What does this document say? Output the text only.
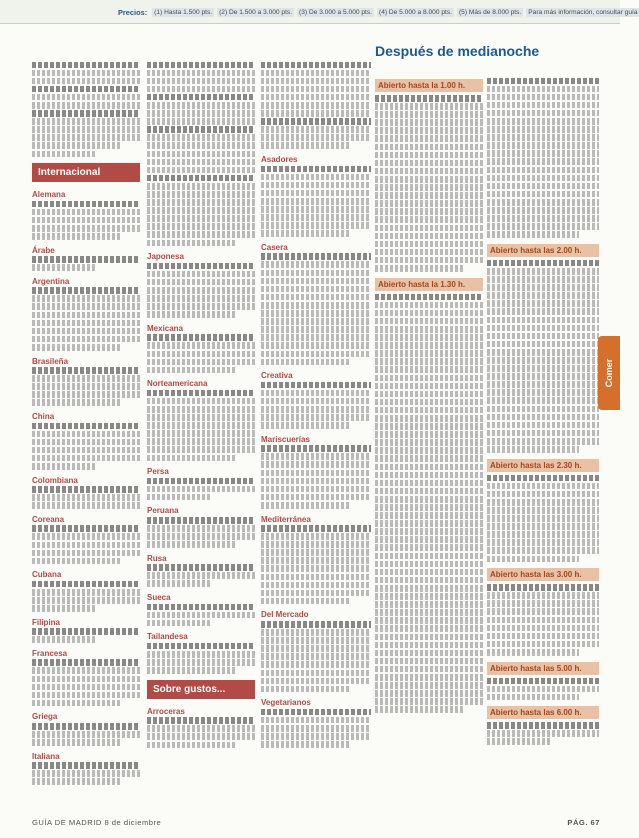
Precios:	(1) Hasta 1.500 pts.	(2) De 1.500 a 3.000 pts.	(3) De 3.000 a 5.000 pts.	(4) De 5.000 a 8.000 pts.	(5) Más de 8.000 pts.	Para más información, consultar guía
Internacional
Alemana
Árabe
Argentina
Brasileña
China
Colombiana
Coreana
Cubana
Filipina
Francesa
Griega
Italiana
Japonesa
Mexicana
Norteamericana
Persa
Peruana
Rusa
Sueca
Tailandesa
Sobre gustos...
Arroceras
Asadores
Casera
Creativa
Mariscuerías
Mediterránea
Del Mercado
Vegetarianos
Después de medianoche
Abierto hasta la 1.00 h.
Abierto hasta la 1.30 h.
Abierto hasta las 2.00 h.
Abierto hasta las 2.30 h.
Abierto hasta las 3.00 h.
Abierto hasta las 5.00 h.
Abierto hasta las 6.00 h.
Comer
GUÍA DE MADRID 8 de diciembre	PÁG. 67
